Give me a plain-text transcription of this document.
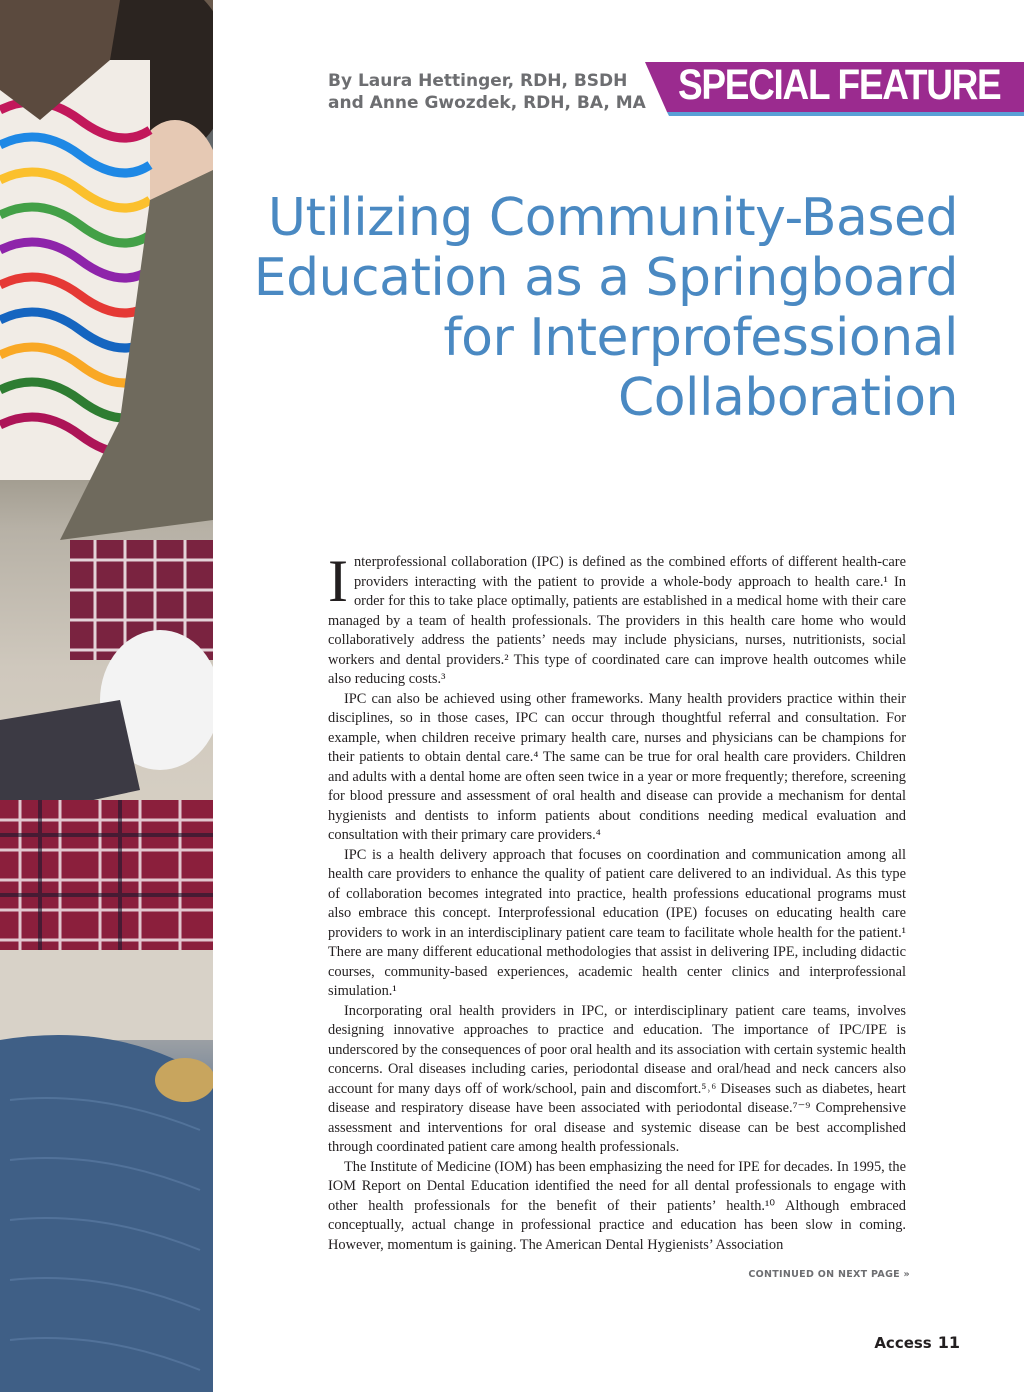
By Laura Hettinger, RDH, BSDH
and Anne Gwozdek, RDH, BA, MA SPECIAL FEATURE
Utilizing Community-Based
Education as a Springboard
for Interprofessional
Collaboration

Interprofessional collaboration (IPC) is defined as the combined efforts of different health-care providers interacting with the patient to provide a whole-body approach to health care.¹ In order for this to take place optimally, patients are established in a medical home with their care managed by a team of health professionals. The providers in this health care home who would collaboratively address the patients’ needs may include physicians, nurses, nutritionists, social workers and dental providers.² This type of coordinated care can improve health outcomes while also reducing costs.³

IPC can also be achieved using other frameworks. Many health providers practice within their disciplines, so in those cases, IPC can occur through thoughtful referral and consultation. For example, when children receive primary health care, nurses and physicians can be champions for their patients to obtain dental care.⁴ The same can be true for oral health care providers. Children and adults with a dental home are often seen twice in a year or more frequently; therefore, screening for blood pressure and assessment of oral health and disease can provide a mechanism for dental hygienists and dentists to inform patients about conditions needing medical evaluation and consultation with their primary care providers.⁴

IPC is a health delivery approach that focuses on coordination and communication among all health care providers to enhance the quality of patient care delivered to an individual. As this type of collaboration becomes integrated into practice, health professions educational programs must also embrace this concept. Interprofessional education (IPE) focuses on educating health care providers to work in an interdisciplinary patient care team to facilitate whole health for the patient.¹ There are many different educational methodologies that assist in delivering IPE, including didactic courses, community-based experiences, academic health center clinics and interprofessional simulation.¹

Incorporating oral health providers in IPC, or interdisciplinary patient care teams, involves designing innovative approaches to practice and education. The importance of IPC/IPE is underscored by the consequences of poor oral health and its association with certain systemic health concerns. Oral diseases including caries, periodontal disease and oral/head and neck cancers also account for many days off of work/school, pain and discomfort.⁵˒⁶ Diseases such as diabetes, heart disease and respiratory disease have been associated with periodontal disease.⁷⁻⁹ Comprehensive assessment and interventions for oral disease and systemic disease can be best accomplished through coordinated patient care among health professionals.

The Institute of Medicine (IOM) has been emphasizing the need for IPE for decades. In 1995, the IOM Report on Dental Education identified the need for all dental professionals to engage with other health professionals for the benefit of their patients’ health.¹⁰ Although embraced conceptually, actual change in professional practice and education has been slow in coming. However, momentum is gaining. The American Dental Hygienists’ Association

CONTINUED ON NEXT PAGE »
Access 11
